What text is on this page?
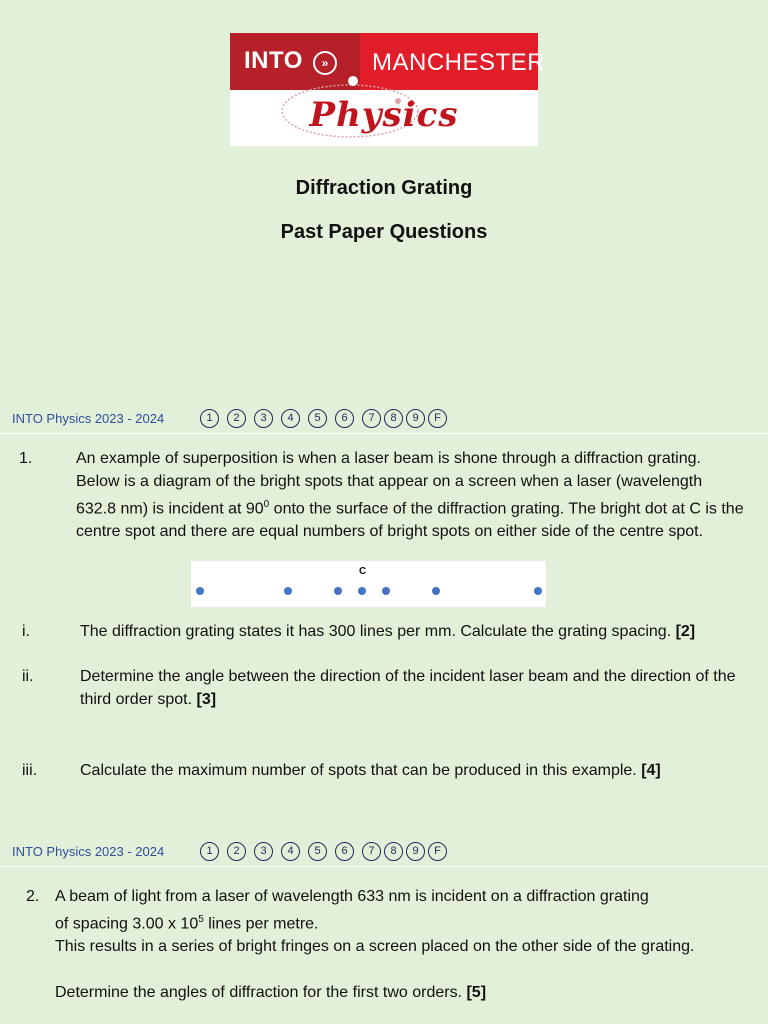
INTO	»	MANCHESTER
Physics
Diffraction Grating
Past Paper Questions
INTO Physics 2023 - 2024	1	2	3	4	5	6	7	8	9	F
1.	An example of superposition is when a laser beam is shone through a diffraction grating. Below is a diagram of the bright spots that appear on a screen when a laser (wavelength 632.8 nm) is incident at $90^0$ onto the surface of the diffraction grating. The bright dot at C is the centre spot and there are equal numbers of bright spots on either side of the centre spot.
C
i.	The diffraction grating states it has 300 lines per mm. Calculate the grating spacing. [2]
ii.	Determine the angle between the direction of the incident laser beam and the direction of the third order spot. [3]
iii.	Calculate the maximum number of spots that can be produced in this example. [4]
INTO Physics 2023 - 2024	1	2	3	4	5	6	7	8	9	F
2. A beam of light from a laser of wavelength 633 nm is incident on a diffraction grating
of spacing 3.00 x $10^5$ lines per metre.
This results in a series of bright fringes on a screen placed on the other side of the grating.
Determine the angles of diffraction for the first two orders. [5]
